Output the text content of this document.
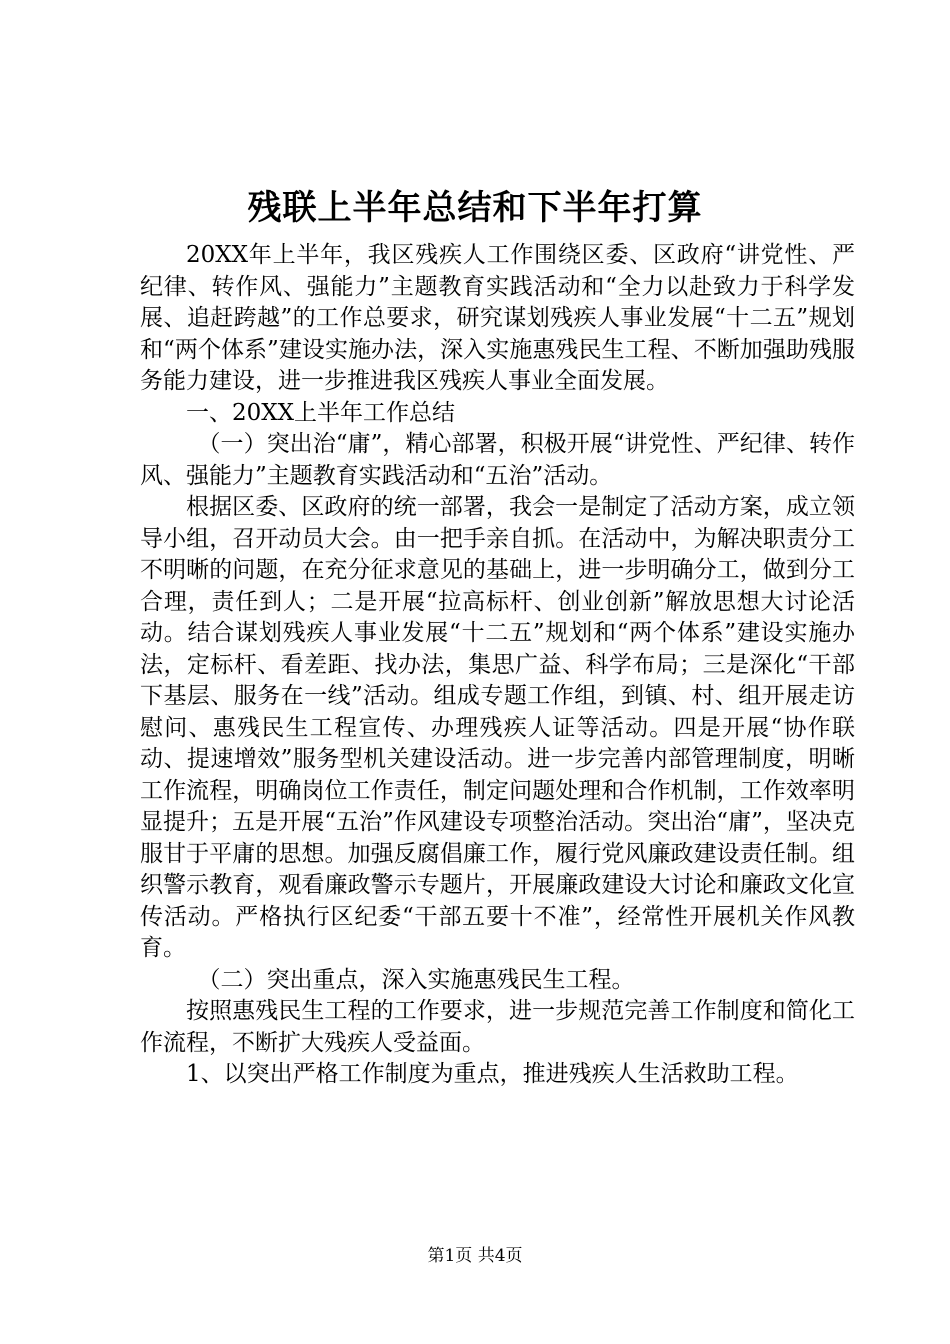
残联上半年总结和下半年打算

20XX年上半年，我区残疾人工作围绕区委、区政府“讲党性、严纪律、转作风、强能力”主题教育实践活动和“全力以赴致力于科学发展、追赶跨越”的工作总要求，研究谋划残疾人事业发展“十二五”规划和“两个体系”建设实施办法，深入实施惠残民生工程、不断加强助残服务能力建设，进一步推进我区残疾人事业全面发展。

一、20XX上半年工作总结

（一）突出治“庸”，精心部署，积极开展“讲党性、严纪律、转作风、强能力”主题教育实践活动和“五治”活动。

根据区委、区政府的统一部署，我会一是制定了活动方案，成立领导小组，召开动员大会。由一把手亲自抓。在活动中，为解决职责分工不明晰的问题，在充分征求意见的基础上，进一步明确分工，做到分工合理，责任到人；二是开展“拉高标杆、创业创新”解放思想大讨论活动。结合谋划残疾人事业发展“十二五”规划和“两个体系”建设实施办法，定标杆、看差距、找办法，集思广益、科学布局；三是深化“干部下基层、服务在一线”活动。组成专题工作组，到镇、村、组开展走访慰问、惠残民生工程宣传、办理残疾人证等活动。四是开展“协作联动、提速增效”服务型机关建设活动。进一步完善内部管理制度，明晰工作流程，明确岗位工作责任，制定问题处理和合作机制，工作效率明显提升；五是开展“五治”作风建设专项整治活动。突出治“庸”，坚决克服甘于平庸的思想。加强反腐倡廉工作，履行党风廉政建设责任制。组织警示教育，观看廉政警示专题片，开展廉政建设大讨论和廉政文化宣传活动。严格执行区纪委“干部五要十不准”，经常性开展机关作风教育。

（二）突出重点，深入实施惠残民生工程。

按照惠残民生工程的工作要求，进一步规范完善工作制度和简化工作流程，不断扩大残疾人受益面。

1、以突出严格工作制度为重点，推进残疾人生活救助工程。

第1页 共4页
